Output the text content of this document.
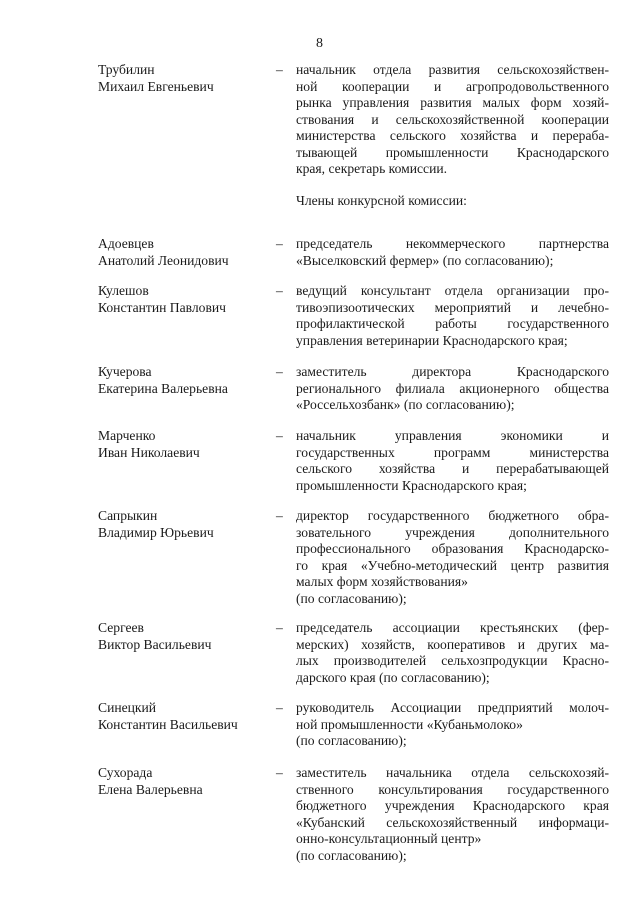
8
Трубилин
Михаил Евгеньевич
– начальник отдела развития сельскохозяйствен-
ной кооперации и агропродовольственного
рынка управления развития малых форм хозяй-
ствования и сельскохозяйственной кооперации
министерства сельского хозяйства и перераба-
тывающей промышленности Краснодарского
края, секретарь комиссии.
Члены конкурсной комиссии:
Адоевцев
Анатолий Леонидович
– председатель некоммерческого партнерства
«Выселковский фермер» (по согласованию);
Кулешов
Константин Павлович
– ведущий консультант отдела организации про-
тивоэпизоотических мероприятий и лечебно-
профилактической работы государственного
управления ветеринарии Краснодарского края;
Кучерова
Екатерина Валерьевна
– заместитель директора Краснодарского
регионального филиала акционерного общества
«Россельхозбанк» (по согласованию);
Марченко
Иван Николаевич
– начальник управления экономики и
государственных программ министерства
сельского хозяйства и перерабатывающей
промышленности Краснодарского края;
Сапрыкин
Владимир Юрьевич
– директор государственного бюджетного обра-
зовательного учреждения дополнительного
профессионального образования Краснодарско-
го края «Учебно-методический центр развития
малых форм хозяйствования»
(по согласованию);
Сергеев
Виктор Васильевич
– председатель ассоциации крестьянских (фер-
мерских) хозяйств, кооперативов и других ма-
лых производителей сельхозпродукции Красно-
дарского края (по согласованию);
Синецкий
Константин Васильевич
– руководитель Ассоциации предприятий молоч-
ной промышленности «Кубаньмолоко»
(по согласованию);
Сухорада
Елена Валерьевна
– заместитель начальника отдела сельскохозяй-
ственного консультирования государственного
бюджетного учреждения Краснодарского края
«Кубанский сельскохозяйственный информаци-
онно-консультационный центр»
(по согласованию);
